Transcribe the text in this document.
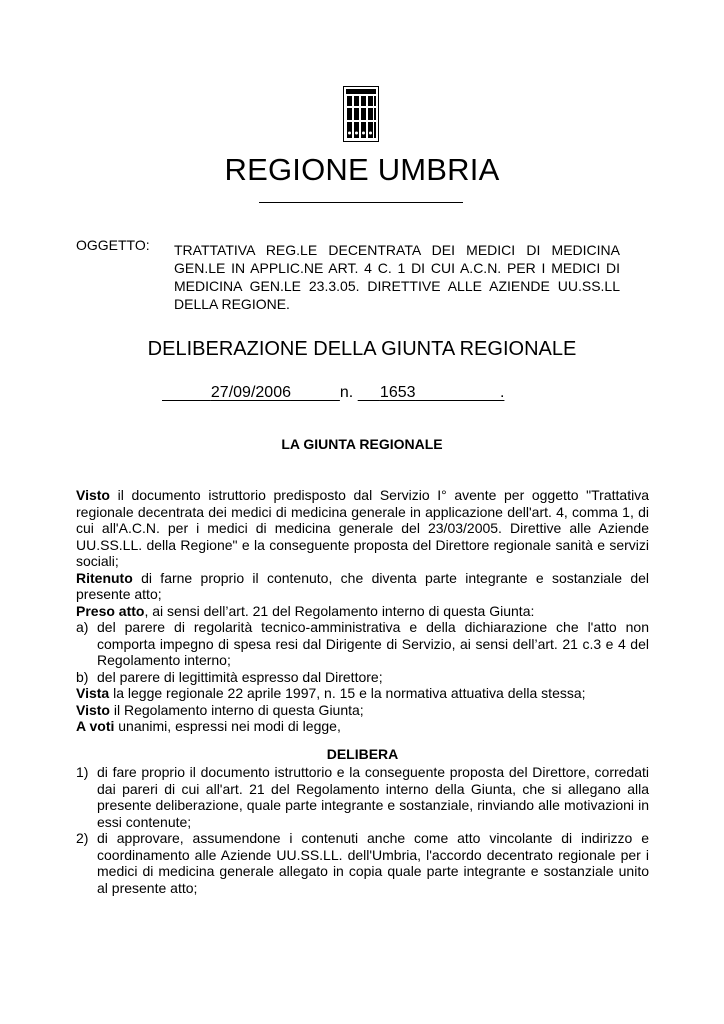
REGIONE UMBRIA
OGGETTO: TRATTATIVA REG.LE DECENTRATA DEI MEDICI DI MEDICINA GEN.LE IN APPLIC.NE ART. 4 C. 1 DI CUI A.C.N. PER I MEDICI DI MEDICINA GEN.LE 23.3.05. DIRETTIVE ALLE AZIENDE UU.SS.LL DELLA REGIONE.
DELIBERAZIONE DELLA GIUNTA REGIONALE
27/09/2006	n. 1653                   .
LA GIUNTA REGIONALE

Visto il documento istruttorio predisposto dal Servizio I° avente per oggetto "Trattativa regionale decentrata dei medici di medicina generale in applicazione dell'art. 4, comma 1, di cui all'A.C.N. per i medici di medicina generale del 23/03/2005. Direttive alle Aziende UU.SS.LL. della Regione" e la conseguente proposta del Direttore regionale sanità e servizi sociali;

Ritenuto di farne proprio il contenuto, che diventa parte integrante e sostanziale del presente atto;

Preso atto, ai sensi dell’art. 21 del Regolamento interno di questa Giunta:

a) del parere di regolarità tecnico-amministrativa e della dichiarazione che l'atto non comporta impegno di spesa resi dal Dirigente di Servizio, ai sensi dell’art. 21 c.3 e 4 del Regolamento interno;
b) del parere di legittimità espresso dal Direttore;

Vista la legge regionale 22 aprile 1997, n. 15 e la normativa attuativa della stessa;

Visto il Regolamento interno di questa Giunta;

A voti unanimi, espressi nei modi di legge,

DELIBERA
1) di fare proprio il documento istruttorio e la conseguente proposta del Direttore, corredati dai pareri di cui all'art. 21 del Regolamento interno della Giunta, che si allegano alla presente deliberazione, quale parte integrante e sostanziale, rinviando alle motivazioni in essi contenute;
2) di approvare, assumendone i contenuti anche come atto vincolante di indirizzo e coordinamento alle Aziende UU.SS.LL. dell'Umbria, l'accordo decentrato regionale per i medici di medicina generale allegato in copia quale parte integrante e sostanziale unito al presente atto;
